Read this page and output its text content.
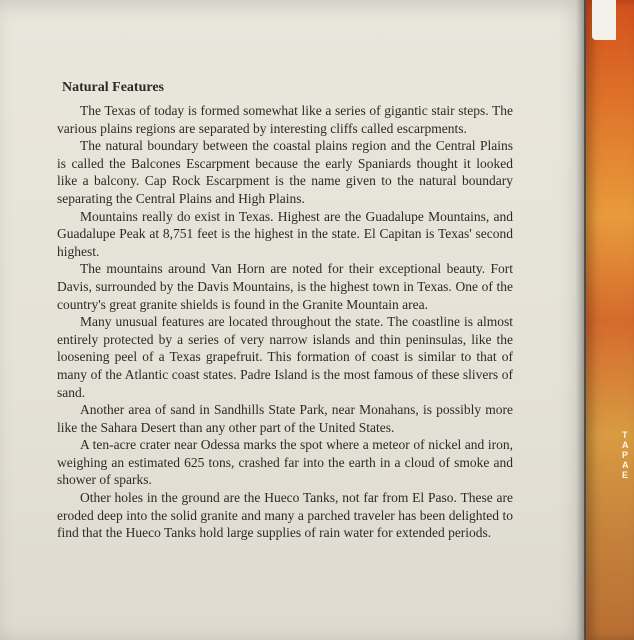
Natural Features

The Texas of today is formed somewhat like a series of gigantic stair steps. The various plains regions are separated by interesting cliffs called escarpments.

The natural boundary between the coastal plains region and the Central Plains is called the Balcones Escarpment because the early Spaniards thought it looked like a balcony. Cap Rock Escarpment is the name given to the natural boundary separating the Central Plains and High Plains.

Mountains really do exist in Texas. Highest are the Guadalupe Mountains, and Guadalupe Peak at 8,751 feet is the highest in the state. El Capitan is Texas' second highest.

The mountains around Van Horn are noted for their exceptional beauty. Fort Davis, surrounded by the Davis Mountains, is the highest town in Texas. One of the country's great granite shields is found in the Granite Mountain area.

Many unusual features are located throughout the state. The coastline is almost entirely protected by a series of very narrow islands and thin peninsulas, like the loosening peel of a Texas grapefruit. This formation of coast is similar to that of many of the Atlantic coast states. Padre Island is the most famous of these slivers of sand.

Another area of sand in Sandhills State Park, near Monahans, is possibly more like the Sahara Desert than any other part of the United States.

A ten-acre crater near Odessa marks the spot where a meteor of nickel and iron, weighing an estimated 625 tons, crashed far into the earth in a cloud of smoke and shower of sparks.

Other holes in the ground are the Hueco Tanks, not far from El Paso. These are eroded deep into the solid granite and many a parched traveler has been delighted to find that the Hueco Tanks hold large supplies of rain water for extended periods.

T
A
P
A
E
